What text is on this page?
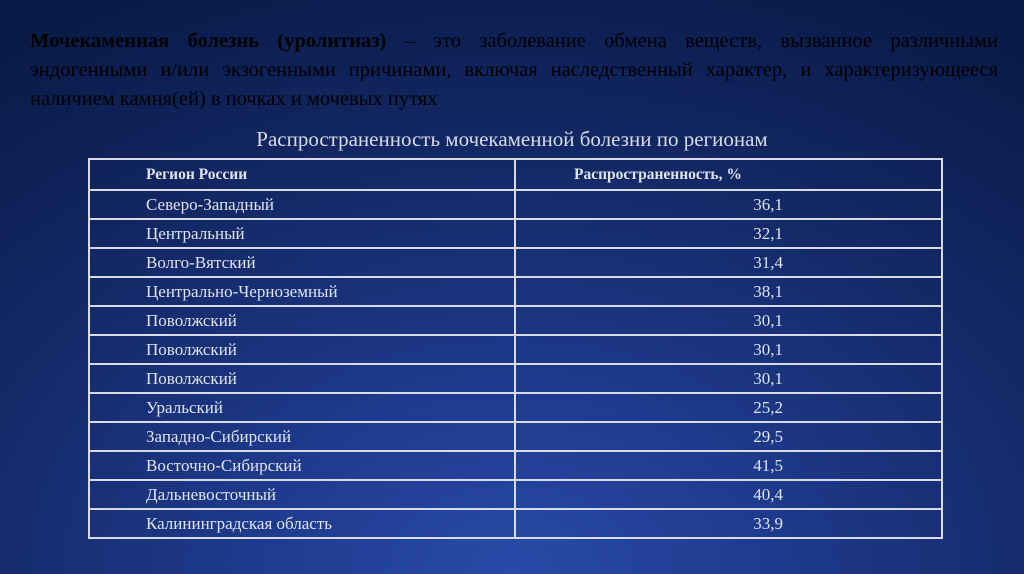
Мочекаменная болезнь (уролитиаз) – это заболевание обмена веществ, вызванное различными эндогенными и/или экзогенными причинами, включая наследственный характер, и характеризующееся наличием камня(ей) в почках и мочевых путях

Распространенность мочекаменной болезни по регионам
Регион России	Распространенность, %
Северо-Западный	36,1
Центральный	32,1
Волго-Вятский	31,4
Центрально-Черноземный	38,1
Поволжский	30,1
Поволжский	30,1
Поволжский	30,1
Уральский	25,2
Западно-Сибирский	29,5
Восточно-Сибирский	41,5
Дальневосточный	40,4
Калининградская область	33,9
